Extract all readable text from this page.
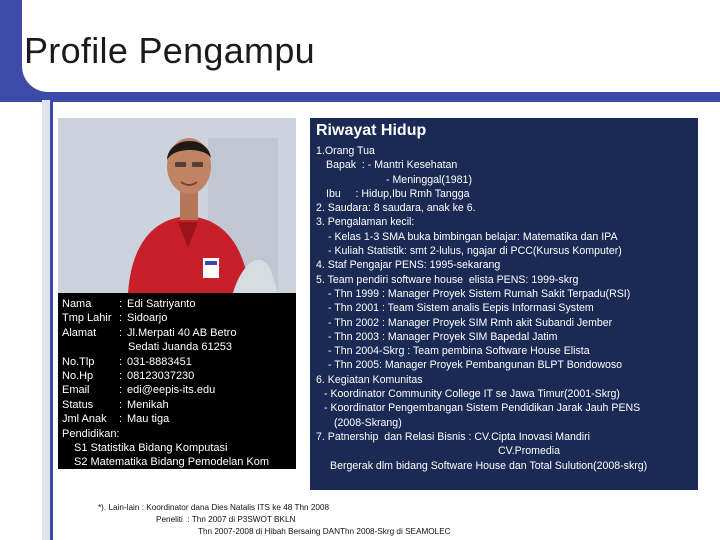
Profile Pengampu
Nama	: Edi Satriyanto
Tmp Lahir : Sidoarjo
Alamat : Jl.Merpati 40 AB Betro
Sedati Juanda 61253
No.Tlp : 031-8883451
No.Hp : 08123037230
Email	: edi@eepis-its.edu
Status : Menikah
Jml Anak : Mau tiga
Pendidikan:
S1 Statistika Bidang Komputasi
S2 Matematika Bidang Pemodelan Kom
Riwayat Hidup
1.Orang Tua
Bapak  : - Mantri Kesehatan
- Meninggal(1981)
Ibu     : Hidup,Ibu Rmh Tangga
2. Saudara: 8 saudara, anak ke 6.
3. Pengalaman kecil:
- Kelas 1-3 SMA buka bimbingan belajar: Matematika dan IPA
- Kuliah Statistik: smt 2-lulus, ngajar di PCC(Kursus Komputer)
4. Staf Pengajar PENS: 1995-sekarang
5. Team pendiri software house  elista PENS: 1999-skrg
- Thn 1999 : Manager Proyek Sistem Rumah Sakit Terpadu(RSI)
- Thn 2001 : Team Sistem analis Eepis Informasi System
- Thn 2002 : Manager Proyek SIM Rmh akit Subandi Jember
- Thn 2003 : Manager Proyek SIM Bapedal Jatim
- Thn 2004-Skrg : Team pembina Software House Elista
- Thn 2005: Manager Proyek Pembangunan BLPT Bondowoso
6. Kegiatan Komunitas
- Koordinator Community College IT se Jawa Timur(2001-Skrg)
- Koordinator Pengembangan Sistem Pendidikan Jarak Jauh PENS
(2008-Skrang)
7. Patnership  dan Relasi Bisnis : CV.Cipta Inovasi Mandiri
CV.Promedia
Bergerak dlm bidang Software House dan Total Sulution(2008-skrg)
*). Lain-lain : Koordinator dana Dies Natalis ITS ke 48 Thn 2008
Peneliti  : Thn 2007 di P3SWOT BKLN
Thn 2007-2008 di Hibah Bersaing DANThn 2008-Skrg di SEAMOLEC
